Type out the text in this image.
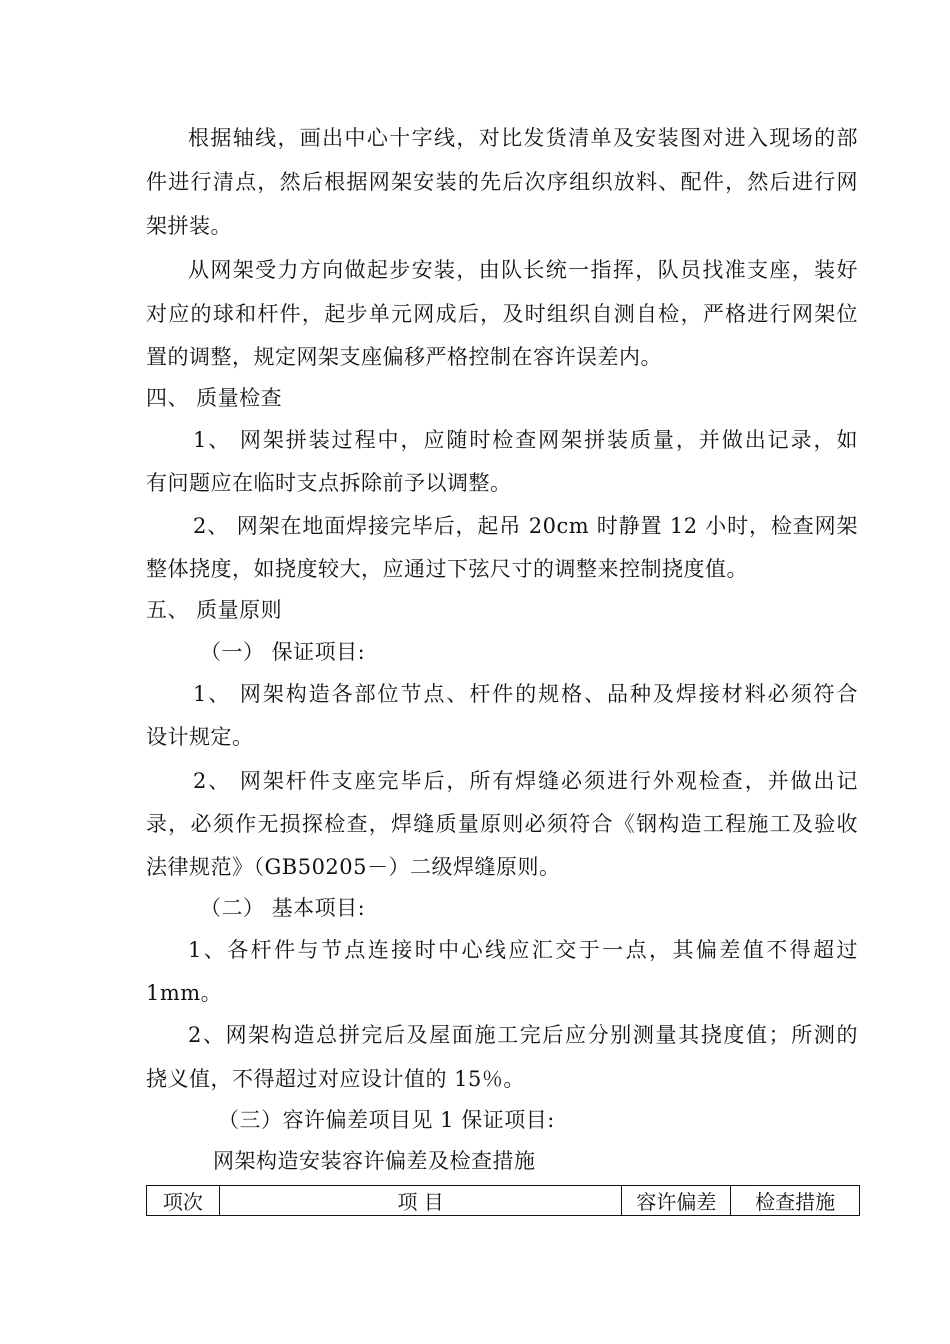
根据轴线，画出中心十字线，对比发货清单及安装图对进入现场的部
件进行清点，然后根据网架安装的先后次序组织放料、配件，然后进行网
架拼装。
从网架受力方向做起步安装，由队长统一指挥，队员找准支座，装好
对应的球和杆件，起步单元网成后，及时组织自测自检，严格进行网架位
置的调整，规定网架支座偏移严格控制在容许误差内。
四、 质量检查
1、 网架拼装过程中，应随时检查网架拼装质量，并做出记录，如
有问题应在临时支点拆除前予以调整。
2、 网架在地面焊接完毕后，起吊 20cm 时静置 12 小时，检查网架
整体挠度，如挠度较大，应通过下弦尺寸的调整来控制挠度值。
五、 质量原则
（一） 保证项目:
1、 网架构造各部位节点、杆件的规格、品种及焊接材料必须符合
设计规定。
2、 网架杆件支座完毕后，所有焊缝必须进行外观检查，并做出记
录，必须作无损探检查，焊缝质量原则必须符合《钢构造工程施工及验收
法律规范》（GB50205－）二级焊缝原则。
（二） 基本项目:
1、各杆件与节点连接时中心线应汇交于一点，其偏差值不得超过
1mm。
2、网架构造总拼完后及屋面施工完后应分别测量其挠度值；所测的
挠义值，不得超过对应设计值的 15％。
（三）容许偏差项目见 1 保证项目:
网架构造安装容许偏差及检查措施
项次	项 目	容许偏差	检查措施
